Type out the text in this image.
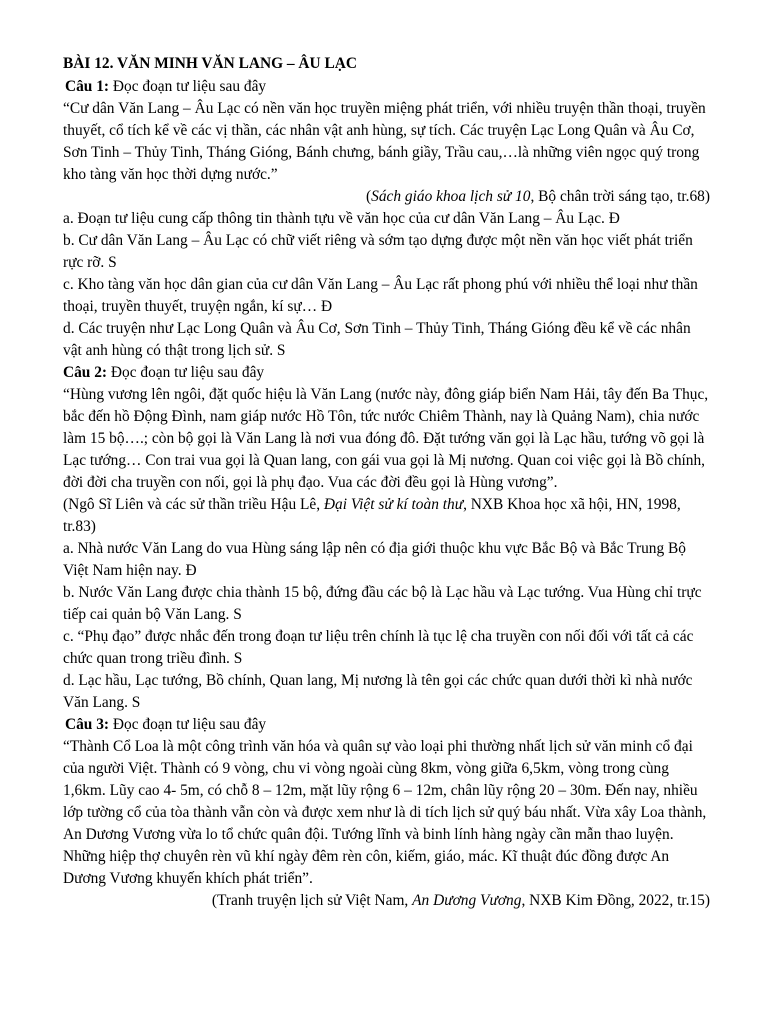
BÀI 12. VĂN MINH VĂN LANG – ÂU LẠC

Câu 1: Đọc đoạn tư liệu sau đây

“Cư dân Văn Lang – Âu Lạc có nền văn học truyền miệng phát triển, với nhiều truyện thần thoại, truyền thuyết, cổ tích kể về các vị thần, các nhân vật anh hùng, sự tích. Các truyện Lạc Long Quân và Âu Cơ, Sơn Tinh – Thủy Tinh, Tháng Gióng, Bánh chưng, bánh giầy, Trầu cau,…là những viên ngọc quý trong kho tàng văn học thời dựng nước.”

(Sách giáo khoa lịch sử 10, Bộ chân trời sáng tạo, tr.68)

a. Đoạn tư liệu cung cấp thông tin thành tựu về văn học của cư dân Văn Lang – Âu Lạc. Đ

b. Cư dân Văn Lang – Âu Lạc có chữ viết riêng và sớm tạo dựng được một nền văn học viết phát triển rực rỡ. S

c. Kho tàng văn học dân gian của cư dân Văn Lang – Âu Lạc rất phong phú với nhiều thể loại như thần thoại, truyền thuyết, truyện ngắn, kí sự… Đ

d. Các truyện như Lạc Long Quân và Âu Cơ, Sơn Tinh – Thủy Tinh, Tháng Gióng đều kể về các nhân vật anh hùng có thật trong lịch sử. S

Câu 2: Đọc đoạn tư liệu sau đây

“Hùng vương lên ngôi, đặt quốc hiệu là Văn Lang (nước này, đông giáp biển Nam Hải, tây đến Ba Thục, bắc đến hồ Động Đình, nam giáp nước Hồ Tôn, tức nước Chiêm Thành, nay là Quảng Nam), chia nước làm 15 bộ….; còn bộ gọi là Văn Lang là nơi vua đóng đô. Đặt tướng văn gọi là Lạc hầu, tướng võ gọi là Lạc tướng… Con trai vua gọi là Quan lang, con gái vua gọi là Mị nương. Quan coi việc gọi là Bồ chính, đời đời cha truyền con nối, gọi là phụ đạo. Vua các đời đều gọi là Hùng vương”.

(Ngô Sĩ Liên và các sử thần triều Hậu Lê, Đại Việt sử kí toàn thư, NXB Khoa học xã hội, HN, 1998, tr.83)

a. Nhà nước Văn Lang do vua Hùng sáng lập nên có địa giới thuộc khu vực Bắc Bộ và Bắc Trung Bộ Việt Nam hiện nay. Đ

b. Nước Văn Lang được chia thành 15 bộ, đứng đầu các bộ là Lạc hầu và Lạc tướng. Vua Hùng chỉ trực tiếp cai quản bộ Văn Lang. S

c. “Phụ đạo” được nhắc đến trong đoạn tư liệu trên chính là tục lệ cha truyền con nối đối với tất cả các chức quan trong triều đình. S

d. Lạc hầu, Lạc tướng, Bồ chính, Quan lang, Mị nương là tên gọi các chức quan dưới thời kì nhà nước Văn Lang. S

Câu 3: Đọc đoạn tư liệu sau đây

“Thành Cổ Loa là một công trình văn hóa và quân sự vào loại phi thường nhất lịch sử văn minh cổ đại của người Việt. Thành có 9 vòng, chu vi vòng ngoài cùng 8km, vòng giữa 6,5km, vòng trong cùng 1,6km. Lũy cao 4- 5m, có chỗ 8 – 12m, mặt lũy rộng 6 – 12m, chân lũy rộng 20 – 30m. Đến nay, nhiều lớp tường cổ của tòa thành vẫn còn và được xem như là di tích lịch sử quý báu nhất. Vừa xây Loa thành, An Dương Vương vừa lo tổ chức quân đội. Tướng lĩnh và binh lính hàng ngày cần mẫn thao luyện. Những hiệp thợ chuyên rèn vũ khí ngày đêm rèn côn, kiếm, giáo, mác. Kĩ thuật đúc đồng được An Dương Vương khuyến khích phát triển”.

(Tranh truyện lịch sử Việt Nam, An Dương Vương, NXB Kim Đồng, 2022, tr.15)
